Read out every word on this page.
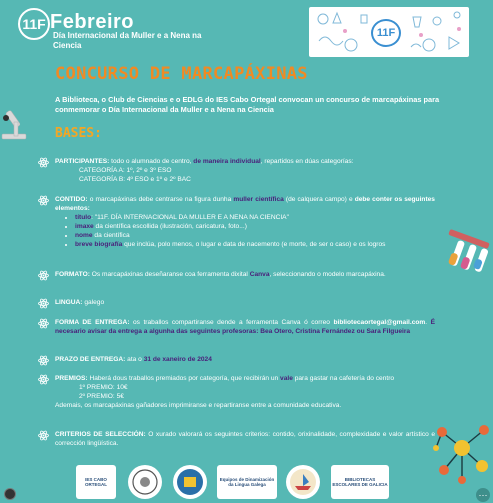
11F Febreiro
Día Internacional da Muller e a Nena na Ciencia
11F
CONCURSO DE MARCAPÁXINAS
A Biblioteca, o Club de Ciencias e o EDLG do IES Cabo Ortegal convocan un concurso de marcapáxinas para conmemorar o Día Internacional da Muller e a Nena na Ciencia
BASES:
PARTICIPANTES: todo o alumnado de centro, de maneira individual, repartidos en dúas categorías:
CATEGORÍA A: 1º, 2º e 3º ESO
CATEGORÍA B: 4º ESO e 1º e 2º BAC
CONTIDO: o marcapáxinas debe centrarse na figura dunha muller científica (de calquera campo) e debe conter os seguintes elementos:
• título: "11F. DÍA INTERNACIONAL DA MULLER E A NENA NA CIENCIA"
• imaxe da científica escollida (ilustración, caricatura, foto...)
• nome da científica
• breve biografía que inclúa, polo menos, o lugar e data de nacemento (e morte, de ser o caso) e os logros
FORMATO: Os marcapáxinas deseñaranse coa ferramenta dixital Canva, seleccionando o modelo marcapáxina.
LINGUA: galego
FORMA DE ENTREGA: os traballos compartiranse dende a ferramenta Canva ó correo bibliotecaortegal@gmail.com. É necesario avisar da entrega a algunha das seguintes profesoras: Bea Otero, Cristina Fernández ou Sara Filgueira
PRAZO DE ENTREGA: ata o 31 de xaneiro de 2024
PREMIOS: Haberá dous traballos premiados por categoría, que recibirán un vale para gastar na cafetería do centro
1º PREMIO: 10€
2º PREMIO: 5€
Ademais, os marcapáxinas gañadores imprimiranse e repartiranse entre a comunidade educativa.
CRITERIOS DE SELECCIÓN: O xurado valorará os seguintes criterios: contido, orixinalidade, complexidade e valor artístico e corrección lingüística.
IES CABO ORTEGAL
Equipos de Dinamización da Lingua Galega
BIBLIOTECAS ESCOLARES DE GALICIA
⋯
